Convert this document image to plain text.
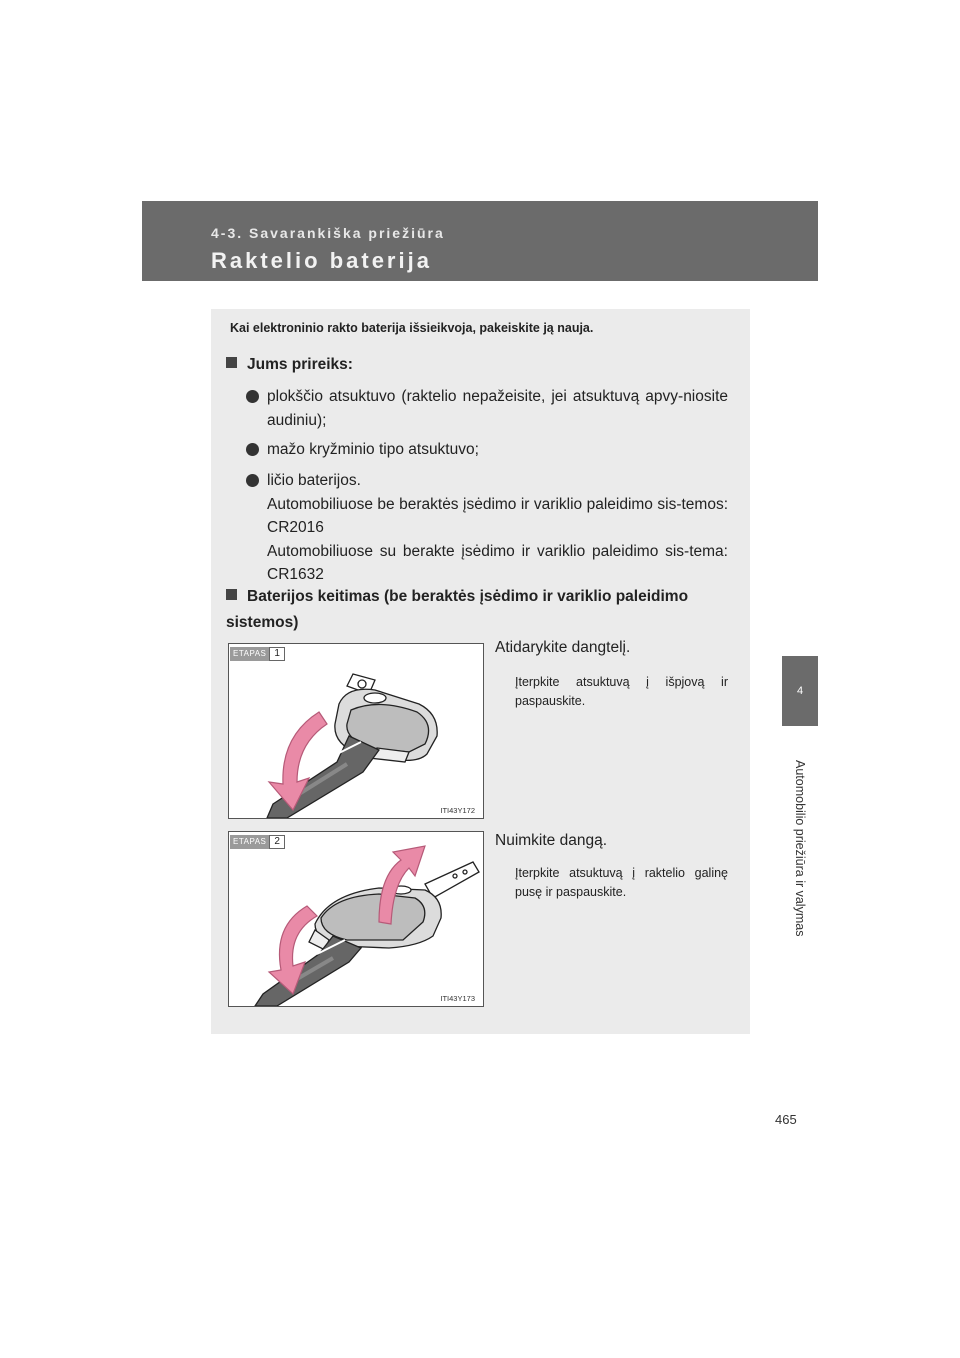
4-3. Savarankiška priežiūra
Raktelio baterija
4
Automobilio priežiūra ir valymas
Kai elektroninio rakto baterija išsieikvoja, pakeiskite ją nauja.
Jums prireiks:
plokščio atsuktuvo (raktelio nepažeisite, jei atsuktuvą apvy-niosite audiniu);
mažo kryžminio tipo atsuktuvo;
ličio baterijos.
Automobiliuose be beraktės įsėdimo ir variklio paleidimo sis-temos: CR2016
Automobiliuose su berakte įsėdimo ir variklio paleidimo sis-tema: CR1632
Baterijos keitimas (be beraktės įsėdimo ir variklio paleidimo sistemos)
ETAPAS 1
ITI43Y172
Atidarykite dangtelį.
Įterpkite atsuktuvą į išpjovą ir paspauskite.
ETAPAS 2
ITI43Y173
Nuimkite dangą.
Įterpkite atsuktuvą į raktelio galinę pusę ir paspauskite.
465
